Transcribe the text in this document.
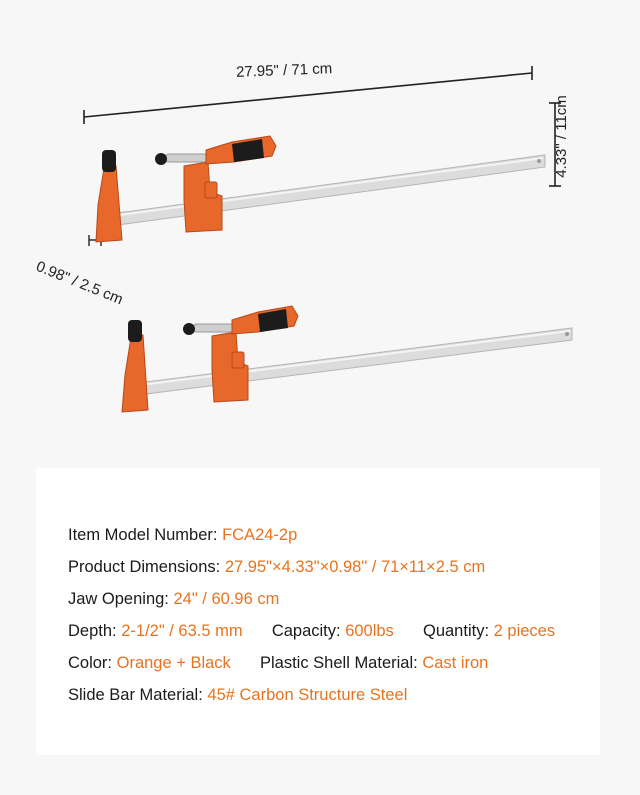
27.95" / 71 cm
4.33" / 11cm
0.98" / 2.5 cm
Item Model Number: FCA24-2p
Product Dimensions: 27.95"×4.33"×0.98" / 71×11×2.5 cm
Jaw Opening: 24" / 60.96 cm
Depth: 2-1/2" / 63.5 mm Capacity: 600lbs Quantity: 2 pieces
Color: Orange + Black Plastic Shell Material: Cast iron
Slide Bar Material: 45# Carbon Structure Steel
